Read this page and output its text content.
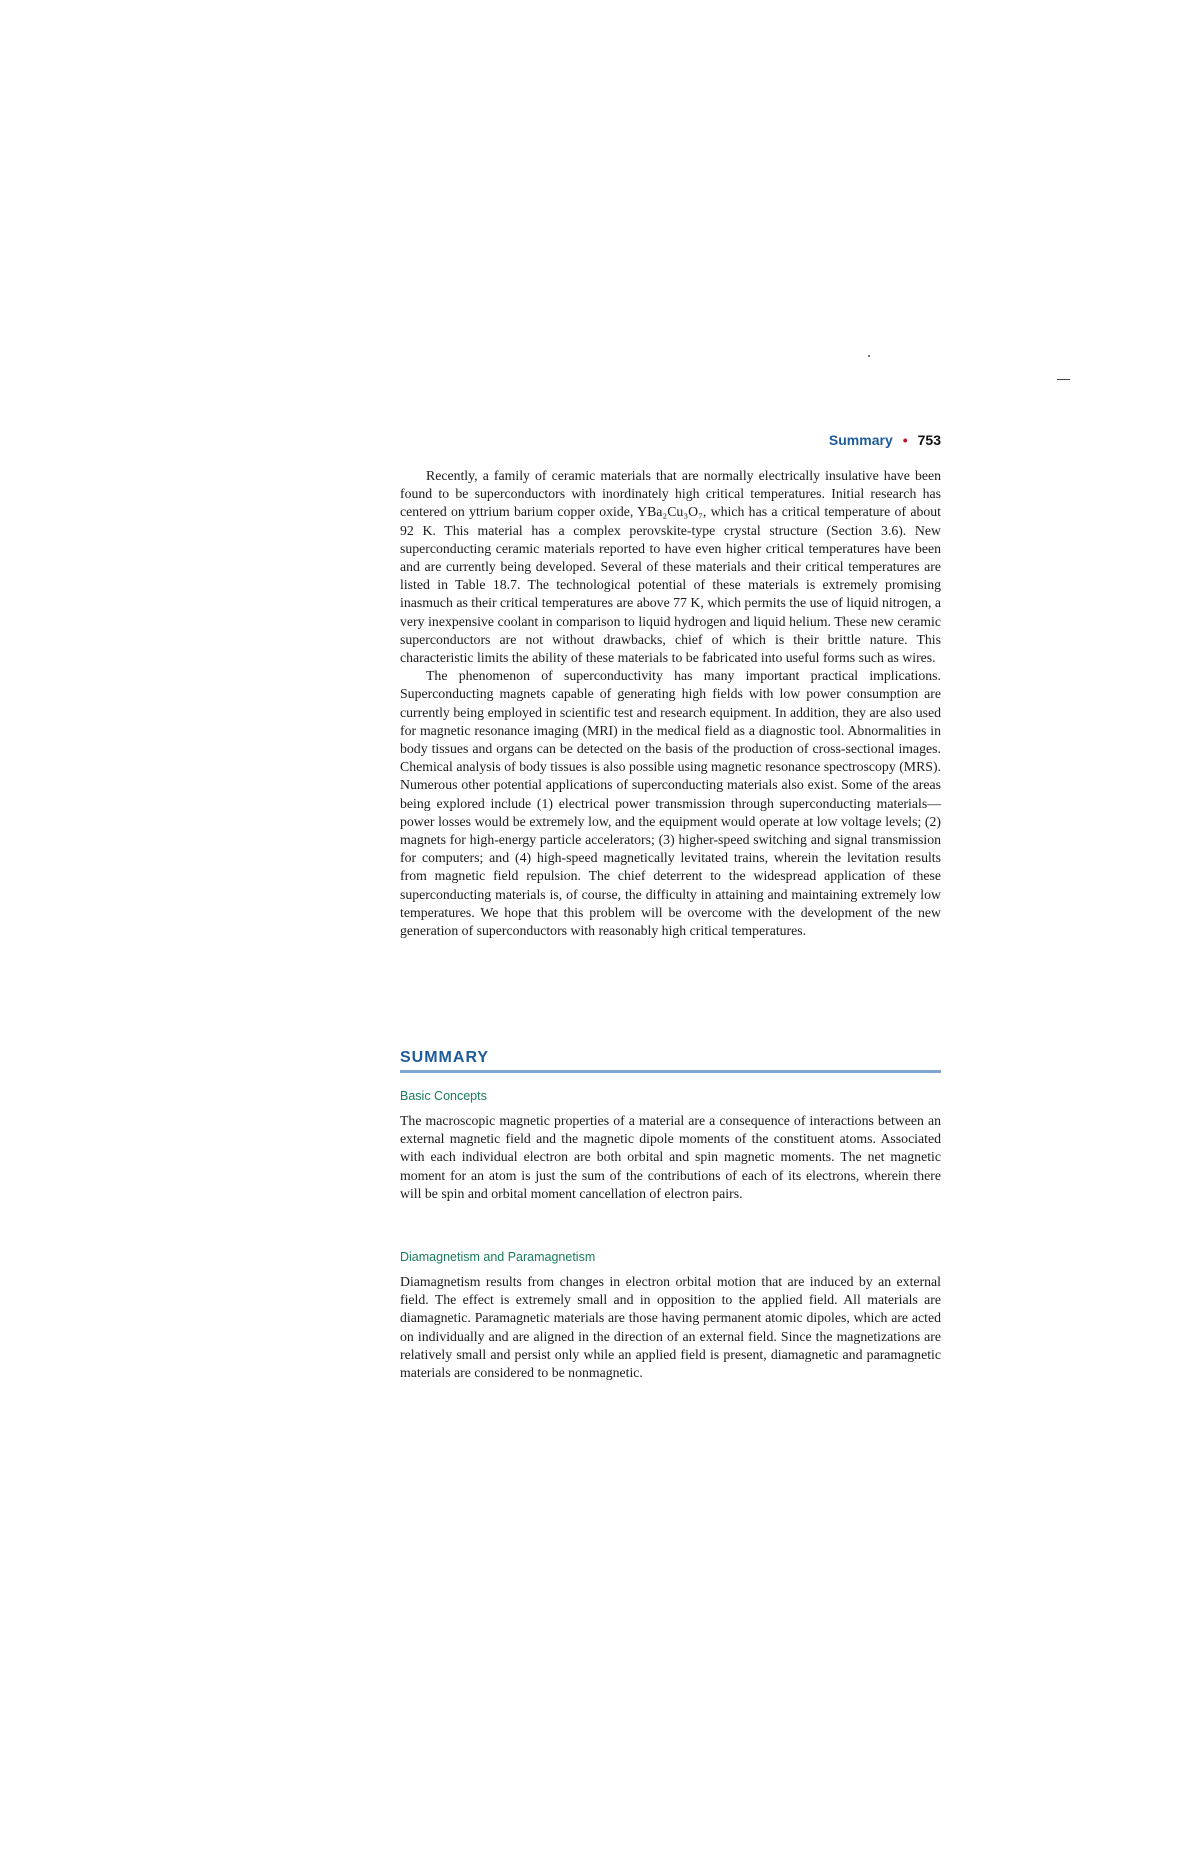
Summary • 753

Recently, a family of ceramic materials that are normally electrically insulative have been found to be superconductors with inordinately high critical temperatures. Initial research has centered on yttrium barium copper oxide, YBa₂Cu₃O₇, which has a critical temperature of about 92 K. This material has a complex perovskite-type crystal structure (Section 3.6). New superconducting ceramic materials reported to have even higher critical temperatures have been and are currently being developed. Several of these materials and their critical temperatures are listed in Table 18.7. The technological potential of these materials is extremely promising inasmuch as their critical temperatures are above 77 K, which permits the use of liquid nitrogen, a very inexpensive coolant in comparison to liquid hydrogen and liquid helium. These new ceramic superconductors are not without drawbacks, chief of which is their brittle nature. This characteristic limits the ability of these materials to be fabricated into useful forms such as wires.

The phenomenon of superconductivity has many important practical implications. Superconducting magnets capable of generating high fields with low power consumption are currently being employed in scientific test and research equipment. In addition, they are also used for magnetic resonance imaging (MRI) in the medical field as a diagnostic tool. Abnormalities in body tissues and organs can be detected on the basis of the production of cross-sectional images. Chemical analysis of body tissues is also possible using magnetic resonance spectroscopy (MRS). Numerous other potential applications of superconducting materials also exist. Some of the areas being explored include (1) electrical power transmission through superconducting materials—power losses would be extremely low, and the equipment would operate at low voltage levels; (2) magnets for high-energy particle accelerators; (3) higher-speed switching and signal transmission for computers; and (4) high-speed magnetically levitated trains, wherein the levitation results from magnetic field repulsion. The chief deterrent to the widespread application of these superconducting materials is, of course, the difficulty in attaining and maintaining extremely low temperatures. We hope that this problem will be overcome with the development of the new generation of superconductors with reasonably high critical temperatures.

SUMMARY
Basic Concepts

The macroscopic magnetic properties of a material are a consequence of interactions between an external magnetic field and the magnetic dipole moments of the constituent atoms. Associated with each individual electron are both orbital and spin magnetic moments. The net magnetic moment for an atom is just the sum of the contributions of each of its electrons, wherein there will be spin and orbital moment cancellation of electron pairs.

Diamagnetism and Paramagnetism

Diamagnetism results from changes in electron orbital motion that are induced by an external field. The effect is extremely small and in opposition to the applied field. All materials are diamagnetic. Paramagnetic materials are those having permanent atomic dipoles, which are acted on individually and are aligned in the direction of an external field. Since the magnetizations are relatively small and persist only while an applied field is present, diamagnetic and paramagnetic materials are considered to be nonmagnetic.
